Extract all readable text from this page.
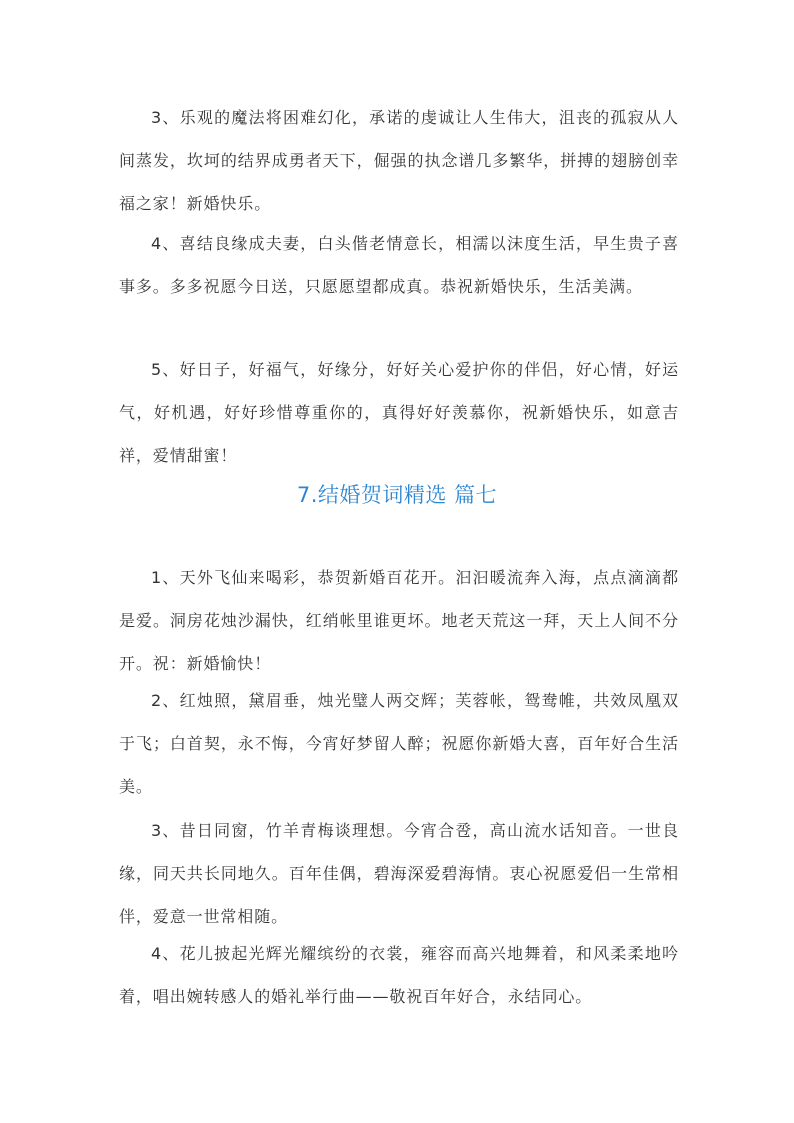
3、乐观的魔法将困难幻化，承诺的虔诚让人生伟大，沮丧的孤寂从人间蒸发，坎坷的结界成勇者天下，倔强的执念谱几多繁华，拼搏的翅膀创幸福之家！新婚快乐。

4、喜结良缘成夫妻，白头偕老情意长，相濡以沫度生活，早生贵子喜事多。多多祝愿今日送，只愿愿望都成真。恭祝新婚快乐，生活美满。

5、好日子，好福气，好缘分，好好关心爱护你的伴侣，好心情，好运气，好机遇，好好珍惜尊重你的，真得好好羡慕你，祝新婚快乐，如意吉祥，爱情甜蜜！

7.结婚贺词精选 篇七

1、天外飞仙来喝彩，恭贺新婚百花开。汩汩暖流奔入海，点点滴滴都是爱。洞房花烛沙漏快，红绡帐里谁更坏。地老天荒这一拜，天上人间不分开。祝：新婚愉快！

2、红烛照，黛眉垂，烛光璧人两交辉；芙蓉帐，鸳鸯帷，共效凤凰双于飞；白首契，永不悔，今宵好梦留人醉；祝愿你新婚大喜，百年好合生活美。

3、昔日同窗，竹羊青梅谈理想。今宵合卺，高山流水话知音。一世良缘，同天共长同地久。百年佳偶，碧海深爱碧海情。衷心祝愿爱侣一生常相伴，爱意一世常相随。

4、花儿披起光辉光耀缤纷的衣裳，雍容而高兴地舞着，和风柔柔地吟着，唱出婉转感人的婚礼举行曲——敬祝百年好合，永结同心。
